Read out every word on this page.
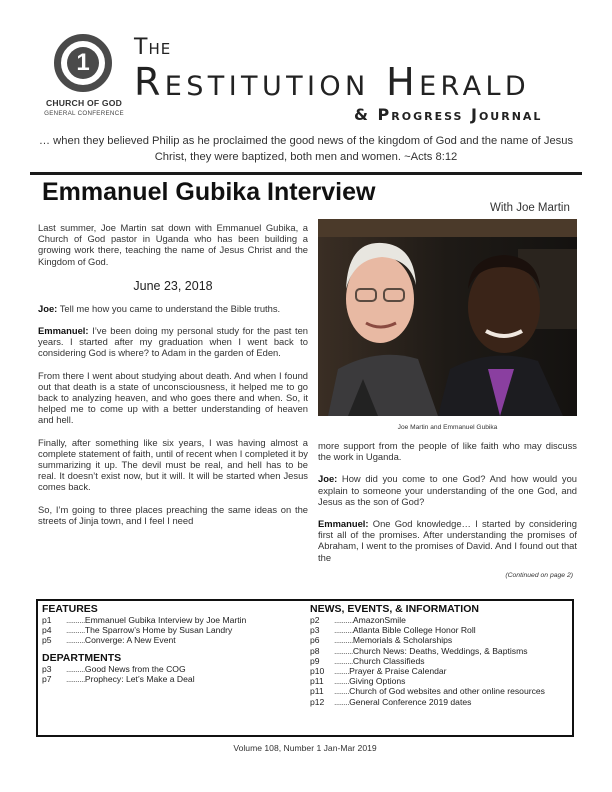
1
CHURCH OF GOD
GENERAL CONFERENCE
The
Restitution Herald
& Progress Journal
… when they believed Philip as he proclaimed the good news of the kingdom of God and the name of Jesus Christ, they were baptized, both men and women. ~Acts 8:12
Emmanuel Gubika Interview
With Joe Martin

Last summer, Joe Martin sat down with Emmanuel Gubika, a Church of God pastor in Uganda who has been building a growing work there, teaching the name of Jesus Christ and the Kingdom of God.

June 23, 2018

Joe: Tell me how you came to understand the Bible truths.

Emmanuel: I’ve been doing my personal study for the past ten years. I started after my graduation when I went back to considering God is where? to Adam in the garden of Eden.

From there I went about studying about death. And when I found out that death is a state of unconsciousness, it helped me to go back to analyzing heaven, and who goes there and when. So, it helped me to come up with a better understanding of heaven and hell.

Finally, after something like six years, I was having almost a complete statement of faith, until of recent when I completed it by summarizing it up. The devil must be real, and hell has to be real. It doesn’t exist now, but it will. It will be started when Jesus comes back.

So, I’m going to three places preaching the same ideas on the streets of Jinja town, and I feel I need

Joe Martin and Emmanuel Gubika

more support from the people of like faith who may discuss the work in Uganda.

Joe: How did you come to one God? And how would you explain to someone your understanding of the one God, and Jesus as the son of God?

Emmanuel: One God knowledge… I started by considering first all of the promises. After understanding the promises of Abraham, I went to the promises of David. And I found out that the

(Continued on page 2)
FEATURES
p1 ..........Emmanuel Gubika Interview by Joe Martin
p4 ..........The Sparrow’s Home by Susan Landry
p5 ..........Converge: A New Event
DEPARTMENTS
p3 ..........Good News from the COG
p7 ..........Prophecy: Let’s Make a Deal
NEWS, EVENTS, & INFORMATION
p2 ..........AmazonSmile
p3 ..........Atlanta Bible College Honor Roll
p6 ..........Memorials & Scholarships
p8 ..........Church News: Deaths, Weddings, & Baptisms
p9 ..........Church Classifieds
p10 ........Prayer & Praise Calendar
p11 ........Giving Options
p11 ........Church of God websites and other online resources
p12 ........General Conference 2019 dates
Volume 108, Number 1 Jan-Mar 2019
